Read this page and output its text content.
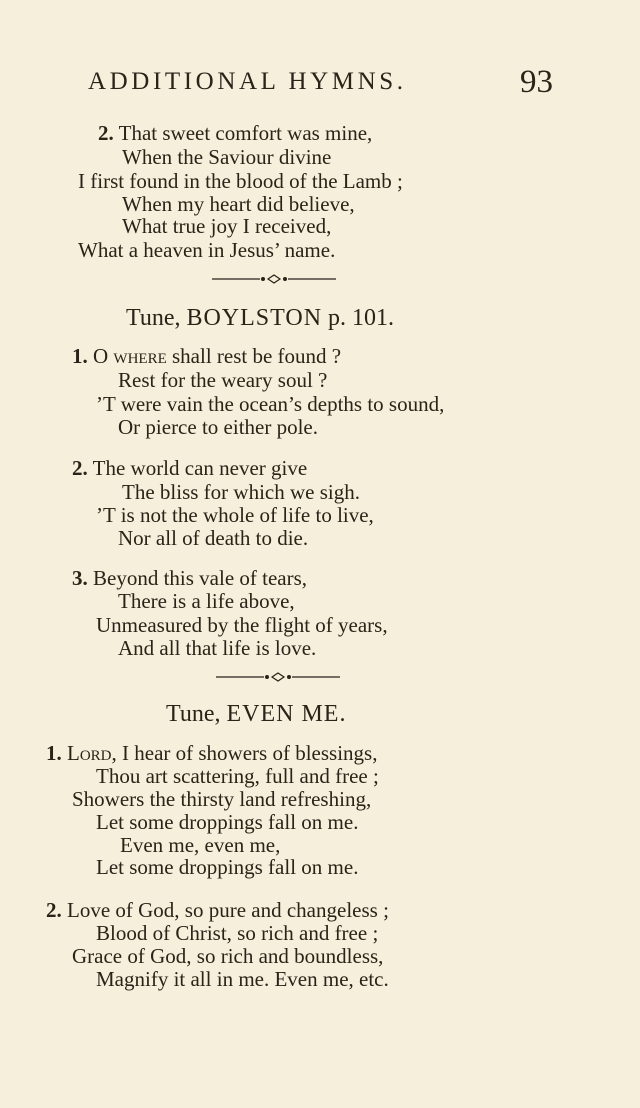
ADDITIONAL HYMNS.	93
2. That sweet comfort was mine,
When the Saviour divine
I first found in the blood of the Lamb ;
When my heart did believe,
What true joy I received,
What a heaven in Jesus’ name.
Tune, BOYLSTON p. 101.
1. O where shall rest be found ?
Rest for the weary soul ?
’T were vain the ocean’s depths to sound,
Or pierce to either pole.
2. The world can never give
The bliss for which we sigh.
’T is not the whole of life to live,
Nor all of death to die.
3. Beyond this vale of tears,
There is a life above,
Unmeasured by the flight of years,
And all that life is love.
Tune, EVEN ME.
1. Lord, I hear of showers of blessings,
Thou art scattering, full and free ;
Showers the thirsty land refreshing,
Let some droppings fall on me.
Even me, even me,
Let some droppings fall on me.
2. Love of God, so pure and changeless ;
Blood of Christ, so rich and free ;
Grace of God, so rich and boundless,
Magnify it all in me. Even me, etc.
